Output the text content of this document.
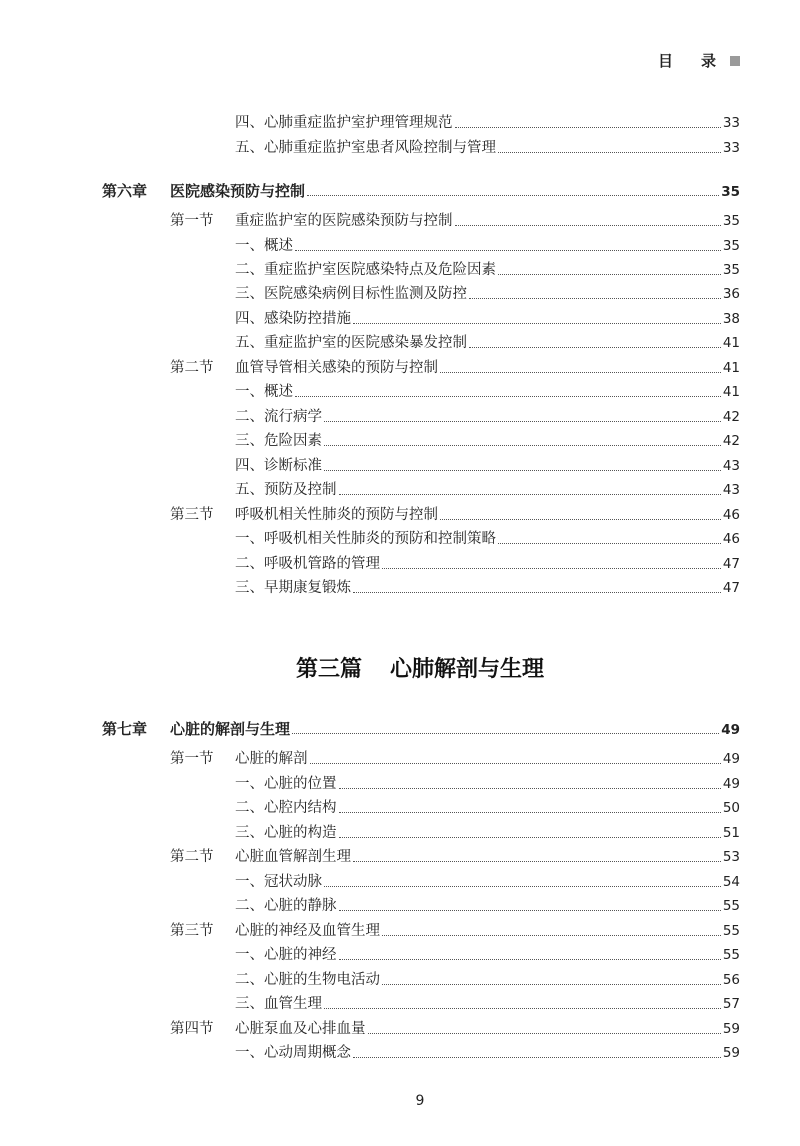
目 录
四、心肺重症监护室护理管理规范	33
五、心肺重症监护室患者风险控制与管理	33
第六章	医院感染预防与控制	35
第一节	重症监护室的医院感染预防与控制	35
一、概述	35
二、重症监护室医院感染特点及危险因素	35
三、医院感染病例目标性监测及防控	36
四、感染防控措施	38
五、重症监护室的医院感染暴发控制	41
第二节	血管导管相关感染的预防与控制	41
一、概述	41
二、流行病学	42
三、危险因素	42
四、诊断标准	43
五、预防及控制	43
第三节	呼吸机相关性肺炎的预防与控制	46
一、呼吸机相关性肺炎的预防和控制策略	46
二、呼吸机管路的管理	47
三、早期康复锻炼	47
第三篇 心肺解剖与生理
第七章	心脏的解剖与生理	49
第一节	心脏的解剖	49
一、心脏的位置	49
二、心腔内结构	50
三、心脏的构造	51
第二节	心脏血管解剖生理	53
一、冠状动脉	54
二、心脏的静脉	55
第三节	心脏的神经及血管生理	55
一、心脏的神经	55
二、心脏的生物电活动	56
三、血管生理	57
第四节	心脏泵血及心排血量	59
一、心动周期概念	59
9
